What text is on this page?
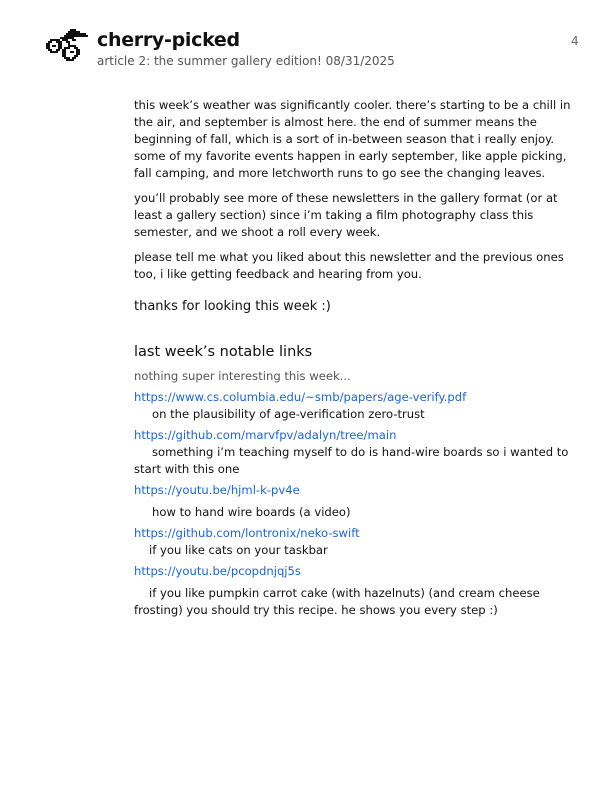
cherry-picked
article 2: the summer gallery edition! 08/31/2025
4

this week’s weather was significantly cooler. there’s starting to be a chill in the air, and september is almost here. the end of summer means the beginning of fall, which is a sort of in-between season that i really enjoy. some of my favorite events happen in early september, like apple picking, fall camping, and more letchworth runs to go see the changing leaves.

you’ll probably see more of these newsletters in the gallery format (or at least a gallery section) since i’m taking a film photography class this semester, and we shoot a roll every week.

please tell me what you liked about this newsletter and the previous ones too, i like getting feedback and hearing from you.

thanks for looking this week :)

last week’s notable links
nothing super interesting this week...
https://www.cs.columbia.edu/~smb/papers/age-verify.pdf

on the plausibility of age-verification zero-trust

https://github.com/marvfpv/adalyn/tree/main

something i’m teaching myself to do is hand-wire boards so i wanted to start with this one

https://youtu.be/hjml-k-pv4e

how to hand wire boards (a video)

https://github.com/lontronix/neko-swift

if you like cats on your taskbar

https://youtu.be/pcopdnjqj5s

if you like pumpkin carrot cake (with hazelnuts) (and cream cheese frosting) you should try this recipe. he shows you every step :)
